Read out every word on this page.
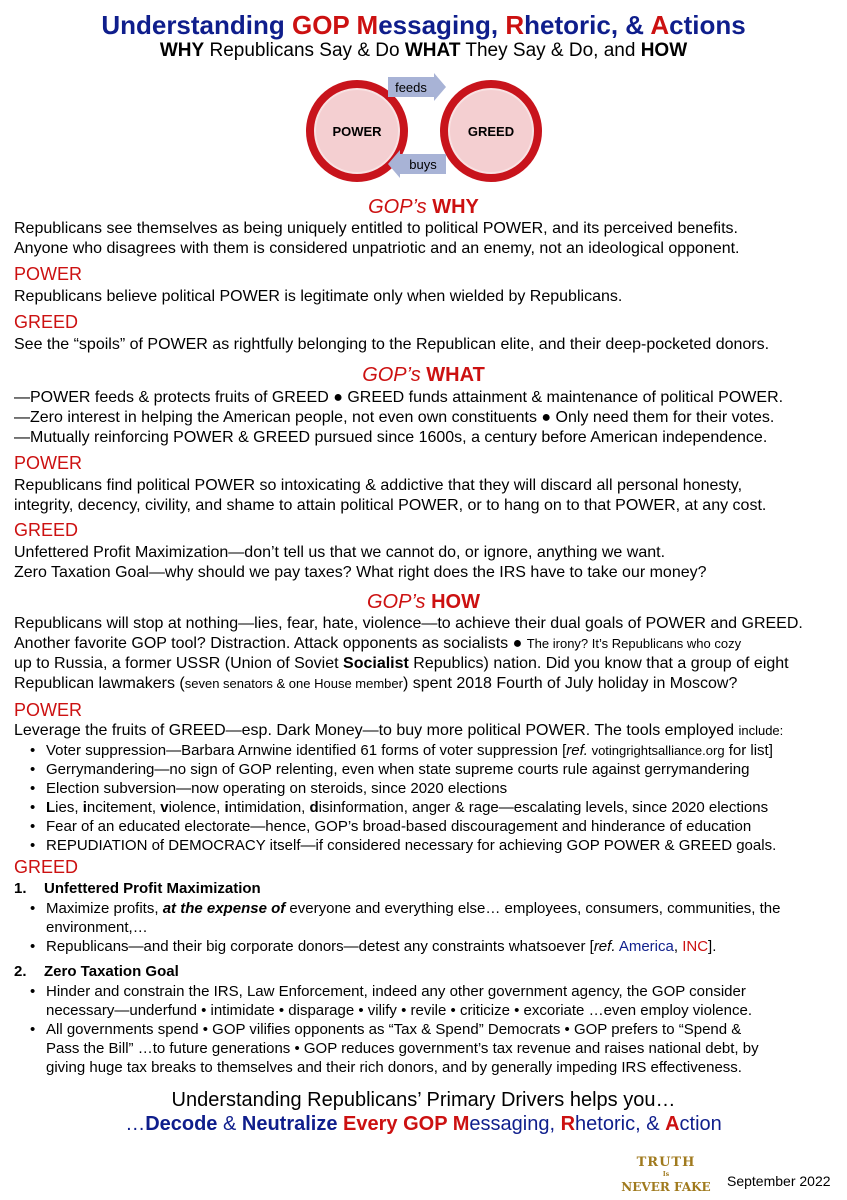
Understanding GOP Messaging, Rhetoric, & Actions
WHY Republicans Say & Do WHAT They Say & Do, and HOW
POWER	GREED
feeds
buys
GOP’s WHY
Republicans see themselves as being uniquely entitled to political POWER, and its perceived benefits.
Anyone who disagrees with them is considered unpatriotic and an enemy, not an ideological opponent.
POWER
Republicans believe political POWER is legitimate only when wielded by Republicans.
GREED
See the “spoils” of POWER as rightfully belonging to the Republican elite, and their deep-pocketed donors.
GOP’s WHAT
—POWER feeds & protects fruits of GREED ● GREED funds attainment & maintenance of political POWER.
—Zero interest in helping the American people, not even own constituents ● Only need them for their votes.
—Mutually reinforcing POWER & GREED pursued since 1600s, a century before American independence.
POWER
Republicans find political POWER so intoxicating & addictive that they will discard all personal honesty,
integrity, decency, civility, and shame to attain political POWER, or to hang on to that POWER, at any cost.
GREED
Unfettered Profit Maximization—don’t tell us that we cannot do, or ignore, anything we want.
Zero Taxation Goal—why should we pay taxes? What right does the IRS have to take our money?
GOP’s HOW
Republicans will stop at nothing—lies, fear, hate, violence—to achieve their dual goals of POWER and GREED.
Another favorite GOP tool? Distraction. Attack opponents as socialists ● The irony? It’s Republicans who cozy
up to Russia, a former USSR (Union of Soviet Socialist Republics) nation. Did you know that a group of eight
Republican lawmakers (seven senators & one House member) spent 2018 Fourth of July holiday in Moscow?
POWER
Leverage the fruits of GREED—esp. Dark Money—to buy more political POWER. The tools employed include:
• Voter suppression—Barbara Arnwine identified 61 forms of voter suppression [ref. votingrightsalliance.org for list]
• Gerrymandering—no sign of GOP relenting, even when state supreme courts rule against gerrymandering
• Election subversion—now operating on steroids, since 2020 elections
• Lies, incitement, violence, intimidation, disinformation, anger & rage—escalating levels, since 2020 elections
• Fear of an educated electorate—hence, GOP’s broad-based discouragement and hinderance of education
• REPUDIATION of DEMOCRACY itself—if considered necessary for achieving GOP POWER & GREED goals.
GREED
1. Unfettered Profit Maximization
• Maximize profits, at the expense of everyone and everything else… employees, consumers, communities, the
environment,…
• Republicans—and their big corporate donors—detest any constraints whatsoever [ref. America, INC].
2. Zero Taxation Goal
• Hinder and constrain the IRS, Law Enforcement, indeed any other government agency, the GOP consider
necessary—underfund • intimidate • disparage • vilify • revile • criticize • excoriate …even employ violence.
• All governments spend • GOP vilifies opponents as “Tax & Spend” Democrats • GOP prefers to “Spend &
Pass the Bill” …to future generations • GOP reduces government’s tax revenue and raises national debt, by
giving huge tax breaks to themselves and their rich donors, and by generally impeding IRS effectiveness.
Understanding Republicans’ Primary Drivers helps you…
…Decode & Neutralize Every GOP Messaging, Rhetoric, & Action
TRUTH
Is
NEVER FAKE September 2022
